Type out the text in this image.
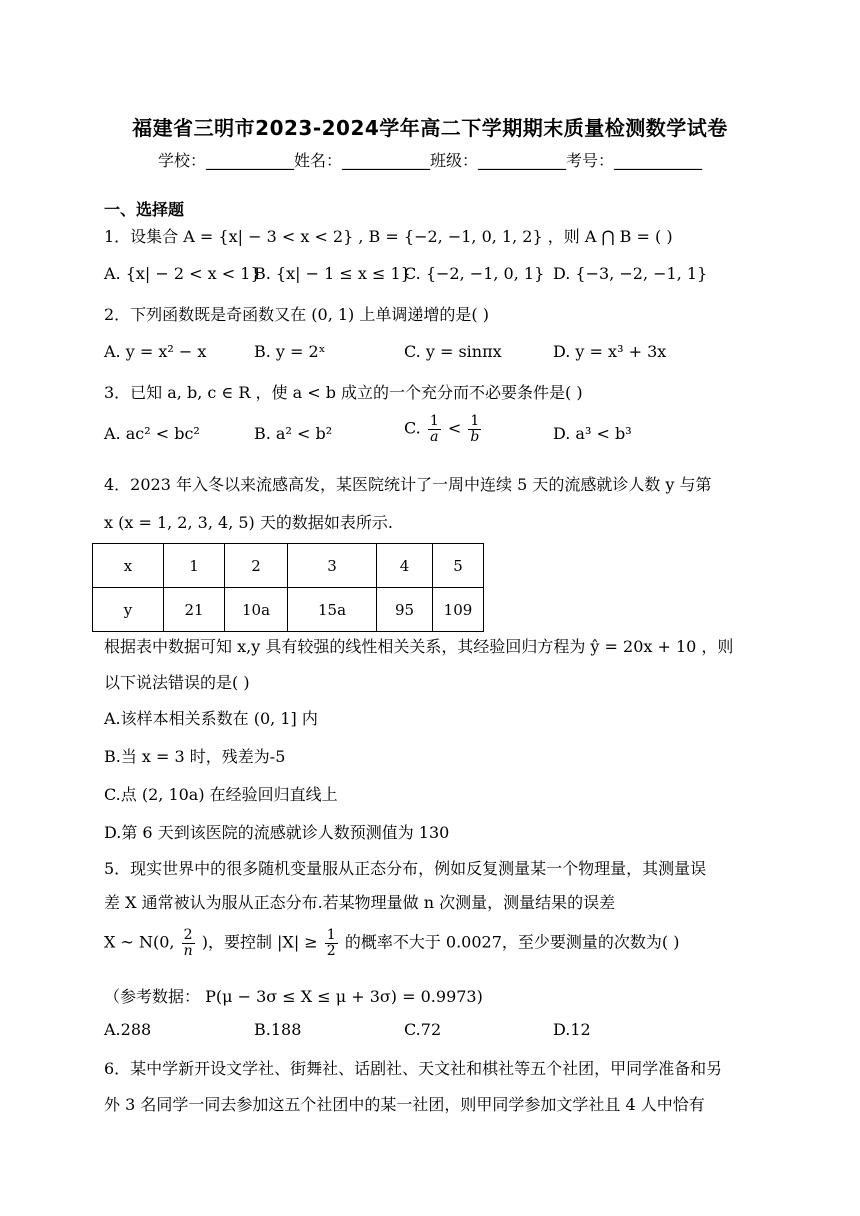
福建省三明市2023-2024学年高二下学期期末质量检测数学试卷
学校：___________姓名：___________班级：___________考号：___________
一、选择题
1．设集合 A = {x| − 3 < x < 2} , B = {−2, −1, 0, 1, 2} ，则 A ⋂ B = ( )
A. {x| − 2 < x < 1}
B. {x| − 1 ≤ x ≤ 1}
C. {−2, −1, 0, 1} D. {−3, −2, −1, 1}
2．下列函数既是奇函数又在 (0, 1) 上单调递增的是( )
A. y = x² − x	B. y = 2ˣ	C. y = sinπx	D. y = x³ + 3x
3．已知 a, b, c ∈ R ，使 a < b 成立的一个充分而不必要条件是( )
A. ac² < bc²	B. a² < b²	C. $\frac{1}{a} < \frac{1}{b}$	D. a³ < b³
4．2023 年入冬以来流感高发，某医院统计了一周中连续 5 天的流感就诊人数 y 与第
x (x = 1, 2, 3, 4, 5) 天的数据如表所示.
x	1	2	3	4	5
y	21	10a	15a	95	109
根据表中数据可知 x,y 具有较强的线性相关关系，其经验回归方程为 ŷ = 20x + 10 ，则
以下说法错误的是( )
A.该样本相关系数在 (0, 1] 内
B.当 x = 3 时，残差为-5
C.点 (2, 10a) 在经验回归直线上
D.第 6 天到该医院的流感就诊人数预测值为 130
5．现实世界中的很多随机变量服从正态分布，例如反复测量某一个物理量，其测量误
差 X 通常被认为服从正态分布.若某物理量做 n 次测量，测量结果的误差
X ~ N(0, $\frac{2}{n}$ )，要控制 $|X| \ge \frac{1}{2}$ 的概率不大于 0.0027，至少要测量的次数为( )
（参考数据： P(μ − 3σ ≤ X ≤ μ + 3σ) = 0.9973)
A.288	B.188	C.72	D.12
6．某中学新开设文学社、街舞社、话剧社、天文社和棋社等五个社团，甲同学准备和另
外 3 名同学一同去参加这五个社团中的某一社团，则甲同学参加文学社且 4 人中恰有
